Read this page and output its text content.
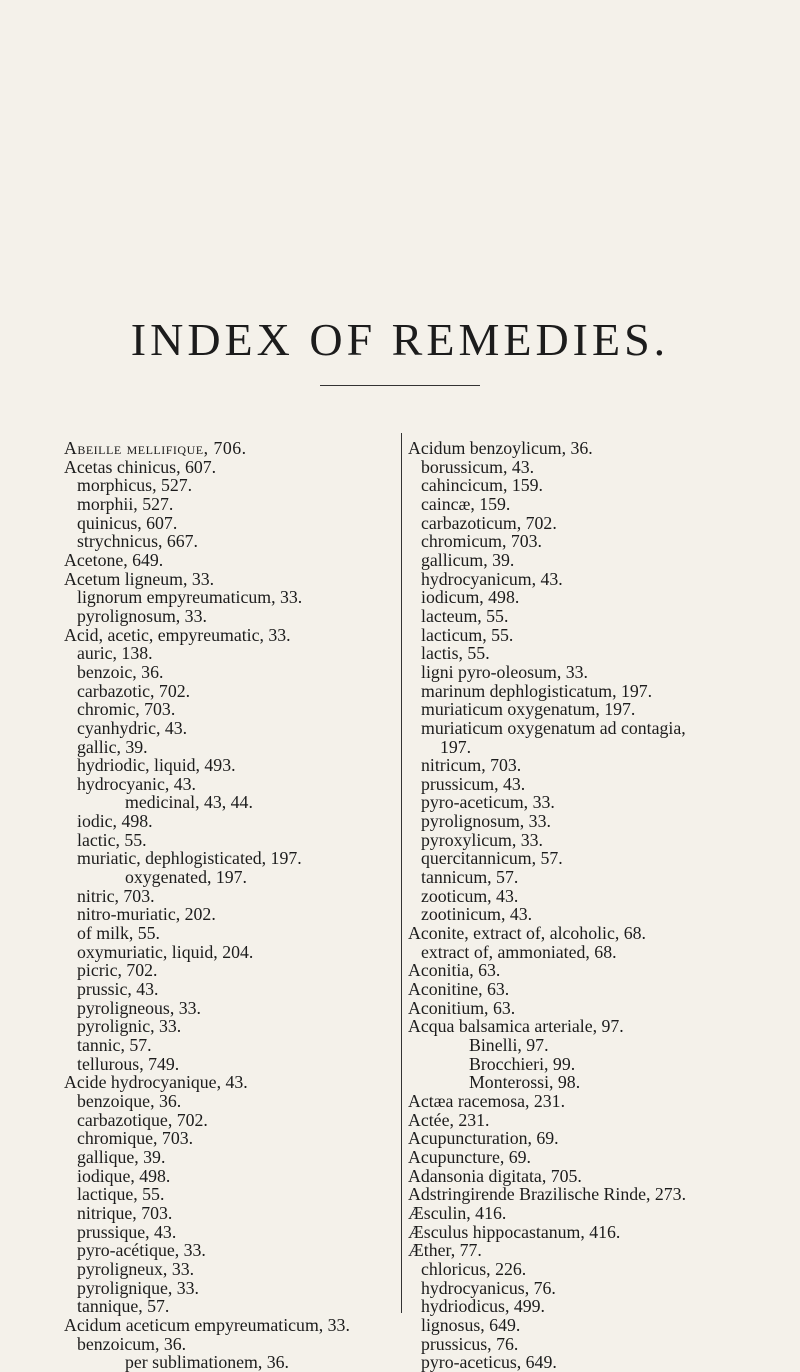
INDEX OF REMEDIES.
Abeille mellifique, 706.
Acetas chinicus, 607.
morphicus, 527.
morphii, 527.
quinicus, 607.
strychnicus, 667.
Acetone, 649.
Acetum ligneum, 33.
lignorum empyreumaticum, 33.
pyrolignosum, 33.
Acid, acetic, empyreumatic, 33.
auric, 138.
benzoic, 36.
carbazotic, 702.
chromic, 703.
cyanhydric, 43.
gallic, 39.
hydriodic, liquid, 493.
hydrocyanic, 43.
medicinal, 43, 44.
iodic, 498.
lactic, 55.
muriatic, dephlogisticated, 197.
oxygenated, 197.
nitric, 703.
nitro-muriatic, 202.
of milk, 55.
oxymuriatic, liquid, 204.
picric, 702.
prussic, 43.
pyroligneous, 33.
pyrolignic, 33.
tannic, 57.
tellurous, 749.
Acide hydrocyanique, 43.
benzoique, 36.
carbazotique, 702.
chromique, 703.
gallique, 39.
iodique, 498.
lactique, 55.
nitrique, 703.
prussique, 43.
pyro-acétique, 33.
pyroligneux, 33.
pyrolignique, 33.
tannique, 57.
Acidum aceticum empyreumaticum, 33.
benzoicum, 36.
per sublimationem, 36.
Acidum benzoylicum, 36.
borussicum, 43.
cahincicum, 159.
caincæ, 159.
carbazoticum, 702.
chromicum, 703.
gallicum, 39.
hydrocyanicum, 43.
iodicum, 498.
lacteum, 55.
lacticum, 55.
lactis, 55.
ligni pyro-oleosum, 33.
marinum dephlogisticatum, 197.
muriaticum oxygenatum, 197.
muriaticum oxygenatum ad contagia,
197.
nitricum, 703.
prussicum, 43.
pyro-aceticum, 33.
pyrolignosum, 33.
pyroxylicum, 33.
quercitannicum, 57.
tannicum, 57.
zooticum, 43.
zootinicum, 43.
Aconite, extract of, alcoholic, 68.
extract of, ammoniated, 68.
Aconitia, 63.
Aconitine, 63.
Aconitium, 63.
Acqua balsamica arteriale, 97.
Binelli, 97.
Brocchieri, 99.
Monterossi, 98.
Actæa racemosa, 231.
Actée, 231.
Acupuncturation, 69.
Acupuncture, 69.
Adansonia digitata, 705.
Adstringirende Brazilische Rinde, 273.
Æsculin, 416.
Æsculus hippocastanum, 416.
Æther, 77.
chloricus, 226.
hydrocyanicus, 76.
hydriodicus, 499.
lignosus, 649.
prussicus, 76.
pyro-aceticus, 649.
